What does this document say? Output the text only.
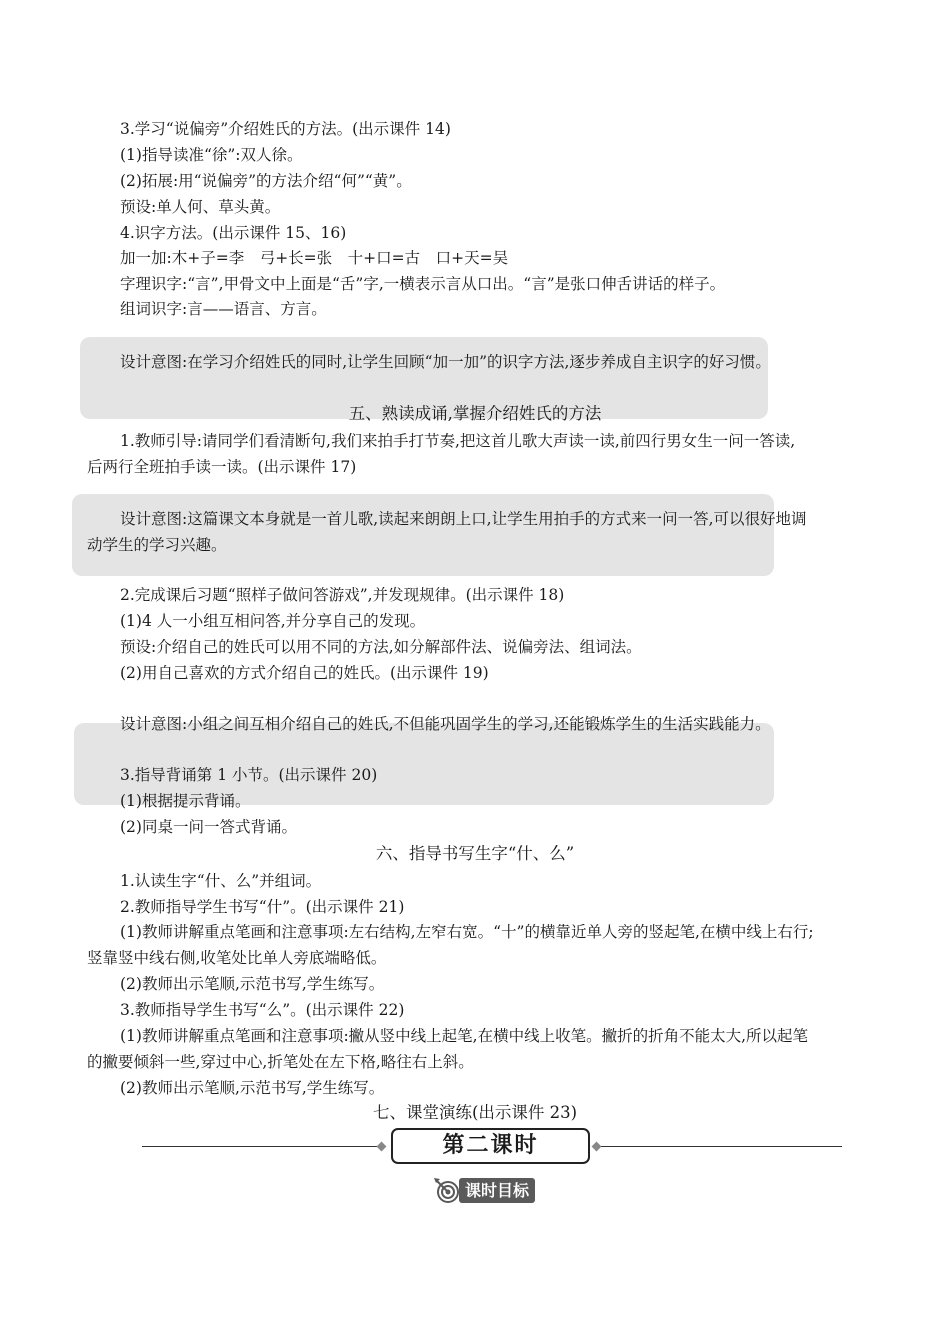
3.学习“说偏旁”介绍姓氏的方法。(出示课件 14)
(1)指导读准“徐”:双人徐。
(2)拓展:用“说偏旁”的方法介绍“何”“黄”。
预设:单人何、草头黄。
4.识字方法。(出示课件 15、16)
加一加:木+子=李　弓+长=张　十+口=古　口+天=吴
字理识字:“言”,甲骨文中上面是“舌”字,一横表示言从口出。“言”是张口伸舌讲话的样子。
组词识字:言——语言、方言。
设计意图:在学习介绍姓氏的同时,让学生回顾“加一加”的识字方法,逐步养成自主识字的好习惯。
五、熟读成诵,掌握介绍姓氏的方法
1.教师引导:请同学们看清断句,我们来拍手打节奏,把这首儿歌大声读一读,前四行男女生一问一答读,
后两行全班拍手读一读。(出示课件 17)
设计意图:这篇课文本身就是一首儿歌,读起来朗朗上口,让学生用拍手的方式来一问一答,可以很好地调
动学生的学习兴趣。
2.完成课后习题“照样子做问答游戏”,并发现规律。(出示课件 18)
(1)4 人一小组互相问答,并分享自己的发现。
预设:介绍自己的姓氏可以用不同的方法,如分解部件法、说偏旁法、组词法。
(2)用自己喜欢的方式介绍自己的姓氏。(出示课件 19)
设计意图:小组之间互相介绍自己的姓氏,不但能巩固学生的学习,还能锻炼学生的生活实践能力。
3.指导背诵第 1 小节。(出示课件 20)
(1)根据提示背诵。
(2)同桌一问一答式背诵。
六、指导书写生字“什、么”
1.认读生字“什、么”并组词。
2.教师指导学生书写“什”。(出示课件 21)
(1)教师讲解重点笔画和注意事项:左右结构,左窄右宽。“十”的横靠近单人旁的竖起笔,在横中线上右行;
竖靠竖中线右侧,收笔处比单人旁底端略低。
(2)教师出示笔顺,示范书写,学生练写。
3.教师指导学生书写“么”。(出示课件 22)
(1)教师讲解重点笔画和注意事项:撇从竖中线上起笔,在横中线上收笔。撇折的折角不能太大,所以起笔
的撇要倾斜一些,穿过中心,折笔处在左下格,略往右上斜。
(2)教师出示笔顺,示范书写,学生练写。
七、课堂演练(出示课件 23)
第二课时
课时目标
